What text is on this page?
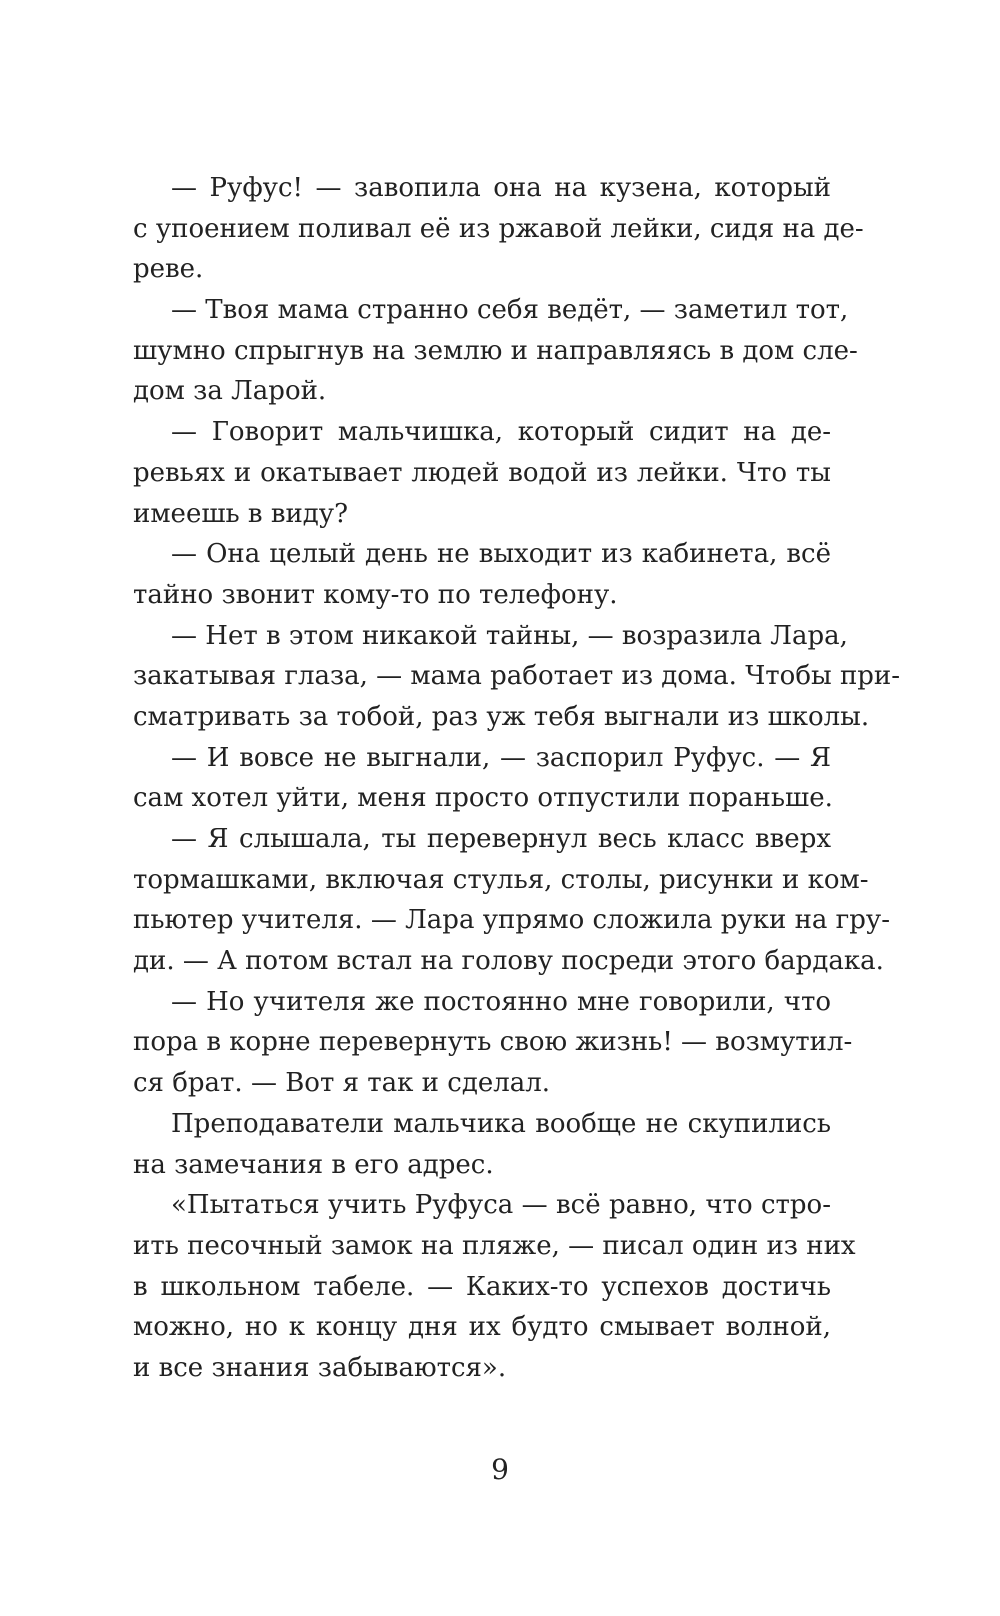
— Руфус! — завопила она на кузена, который
с упоением поливал её из ржавой лейки, сидя на де-
реве.
— Твоя мама странно себя ведёт, — заметил тот,
шумно спрыгнув на землю и направляясь в дом сле-
дом за Ларой.
— Говорит мальчишка, который сидит на де-
ревьях и окатывает людей водой из лейки. Что ты
имеешь в виду?
— Она целый день не выходит из кабинета, всё
тайно звонит кому-то по телефону.
— Нет в этом никакой тайны, — возразила Лара,
закатывая глаза, — мама работает из дома. Чтобы при-
сматривать за тобой, раз уж тебя выгнали из школы.
— И вовсе не выгнали, — заспорил Руфус. — Я
сам хотел уйти, меня просто отпустили пораньше.
— Я слышала, ты перевернул весь класс вверх
тормашками, включая стулья, столы, рисунки и ком-
пьютер учителя. — Лара упрямо сложила руки на гру-
ди. — А потом встал на голову посреди этого бардака.
— Но учителя же постоянно мне говорили, что
пора в корне перевернуть свою жизнь! — возмутил-
ся брат. — Вот я так и сделал.
Преподаватели мальчика вообще не скупились
на замечания в его адрес.
«Пытаться учить Руфуса — всё равно, что стро-
ить песочный замок на пляже, — писал один из них
в школьном табеле. — Каких-то успехов достичь
можно, но к концу дня их будто смывает волной,
и все знания забываются».
9
